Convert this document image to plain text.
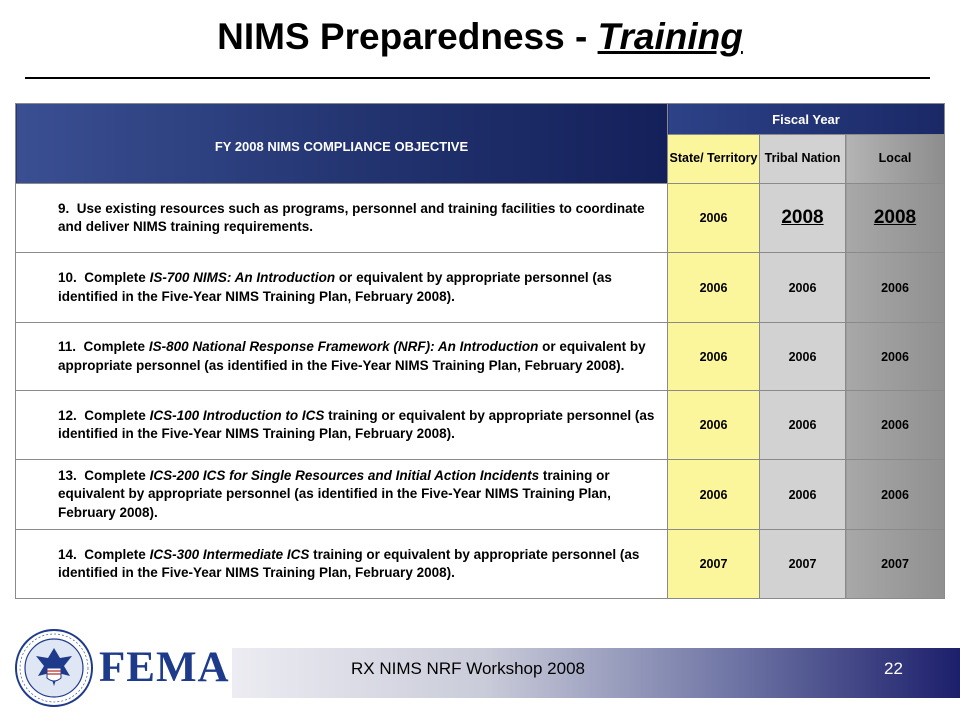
NIMS Preparedness - Training
FY 2008 NIMS COMPLIANCE OBJECTIVE	Fiscal Year		
	State/ Territory	Tribal Nation	Local
9. Use existing resources such as programs, personnel and training facilities to coordinate and deliver NIMS training requirements.	2006	2008	2008
10. Complete IS-700 NIMS: An Introduction or equivalent by appropriate personnel (as identified in the Five-Year NIMS Training Plan, February 2008).	2006	2006	2006
11. Complete IS-800 National Response Framework (NRF): An Introduction or equivalent by appropriate personnel (as identified in the Five-Year NIMS Training Plan, February 2008).	2006	2006	2006
12. Complete ICS-100 Introduction to ICS training or equivalent by appropriate personnel (as identified in the Five-Year NIMS Training Plan, February 2008).	2006	2006	2006
13. Complete ICS-200 ICS for Single Resources and Initial Action Incidents training or equivalent by appropriate personnel (as identified in the Five-Year NIMS Training Plan, February 2008).	2006	2006	2006
14. Complete ICS-300 Intermediate ICS training or equivalent by appropriate personnel (as identified in the Five-Year NIMS Training Plan, February 2008).	2007	2007	2007
FEMA	RX NIMS NRF Workshop 2008	22
